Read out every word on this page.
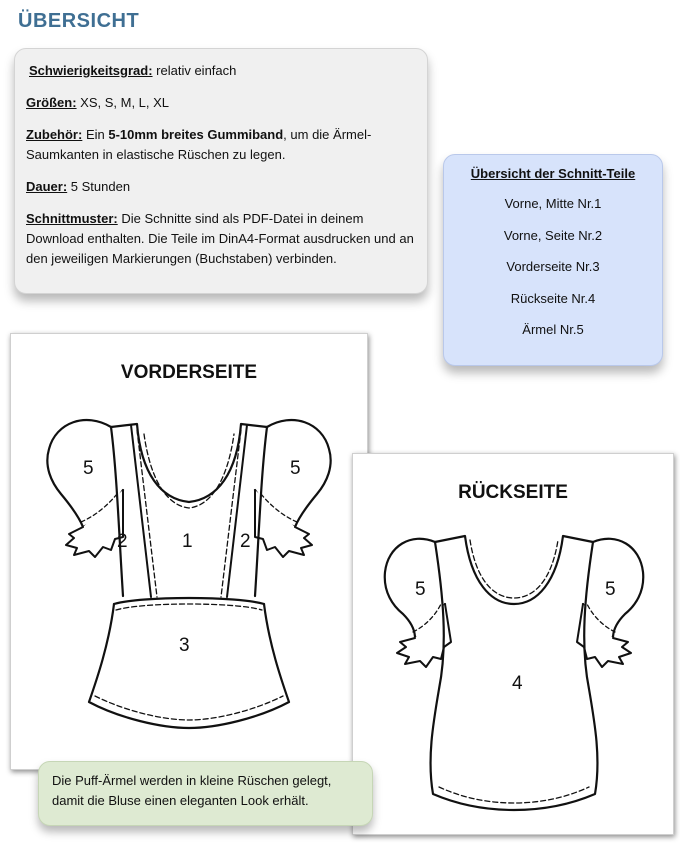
ÜBERSICHT

Schwierigkeitsgrad: relativ einfach

Größen: XS, S, M, L, XL

Zubehör: Ein 5-10mm breites Gummiband, um die Ärmel-Saumkanten in elastische Rüschen zu legen.

Dauer: 5 Stunden

Schnittmuster: Die Schnitte sind als PDF-Datei in deinem Download enthalten. Die Teile im DinA4-Format ausdrucken und an den jeweiligen Markierungen (Buchstaben) verbinden.

Übersicht der Schnitt-Teile
Vorne, Mitte Nr.1
Vorne, Seite Nr.2
Vorderseite Nr.3
Rückseite Nr.4
Ärmel Nr.5
VORDERSEITE
5	5
2	1 2
3
RÜCKSEITE
5	5
4
Die Puff-Ärmel werden in kleine Rüschen gelegt, damit die Bluse einen eleganten Look erhält.
